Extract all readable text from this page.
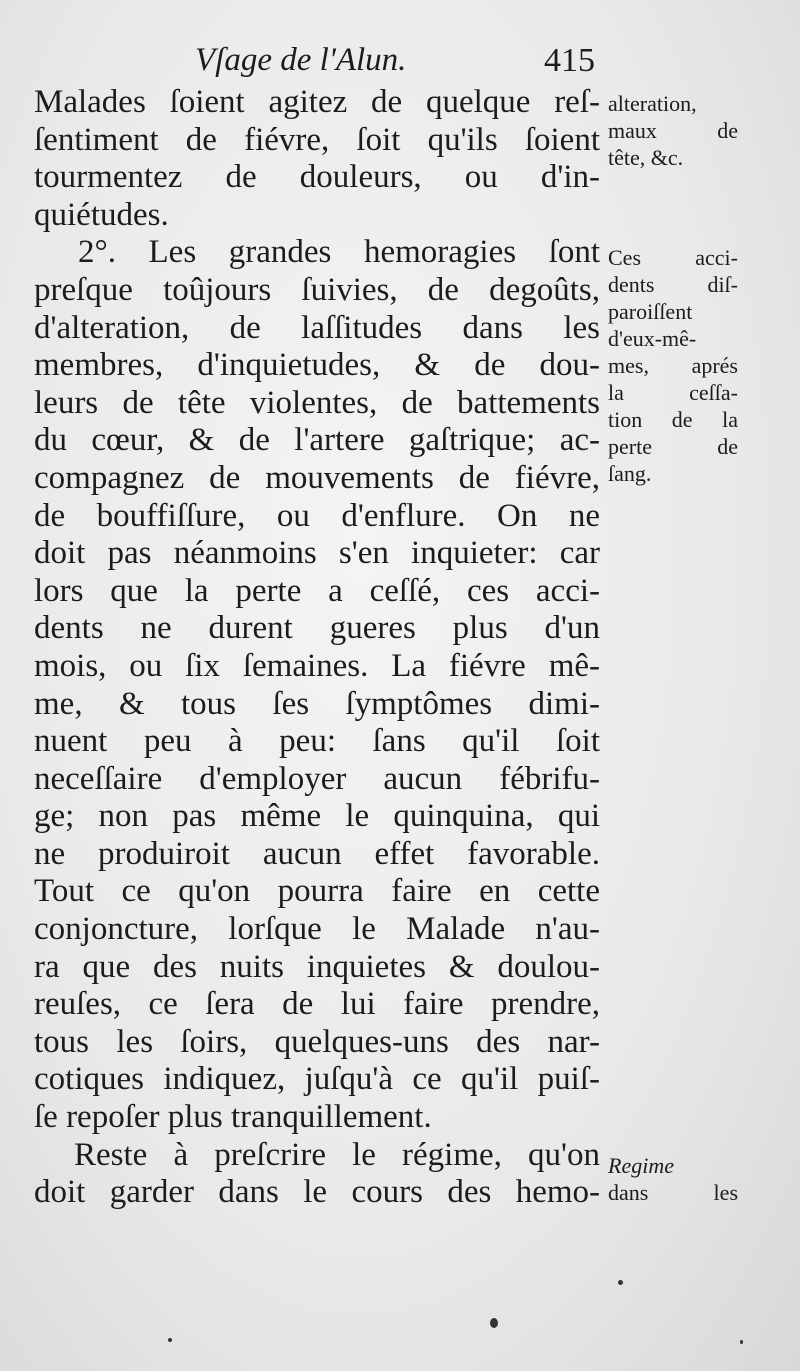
Vſage de l'Alun.	415
Malades ſoient agitez de quelque reſ-
ſentiment de fiévre, ſoit qu'ils ſoient
tourmentez de douleurs, ou d'in-
quiétudes.
2°. Les grandes hemoragies ſont
preſque toûjours ſuivies, de degoûts,
d'alteration, de laſſitudes dans les
membres, d'inquietudes, & de dou-
leurs de tête violentes, de battements
du cœur, & de l'artere gaſtrique; ac-
compagnez de mouvements de fiévre,
de bouffiſſure, ou d'enflure. On ne
doit pas néanmoins s'en inquieter: car
lors que la perte a ceſſé, ces acci-
dents ne durent gueres plus d'un
mois, ou ſix ſemaines. La fiévre mê-
me, & tous ſes ſymptômes dimi-
nuent peu à peu: ſans qu'il ſoit
neceſſaire d'employer aucun fébrifu-
ge; non pas même le quinquina, qui
ne produiroit aucun effet favorable.
Tout ce qu'on pourra faire en cette
conjoncture, lorſque le Malade n'au-
ra que des nuits inquietes & doulou-
reuſes, ce ſera de lui faire prendre,
tous les ſoirs, quelques-uns des nar-
cotiques indiquez, juſqu'à ce qu'il puiſ-
ſe repoſer plus tranquillement.
Reste à preſcrire le régime, qu'on
doit garder dans le cours des hemo-
alteration,
maux de
tête, &c.
Ces acci-
dents diſ-
paroiſſent
d'eux-mê-
mes, aprés
la ceſſa-
tion de la
perte de
ſang.
Regime
dans les
